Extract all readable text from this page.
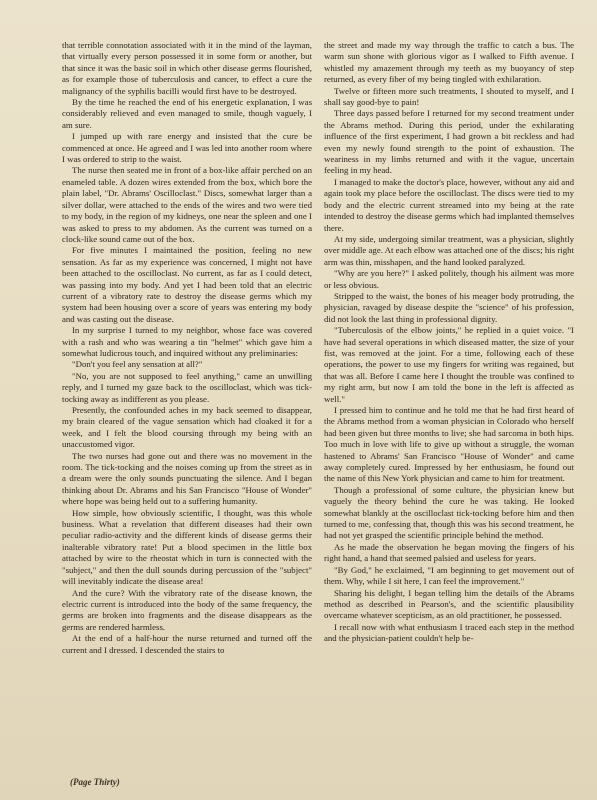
that terrible connotation associated with it in the mind of the layman, that virtually every person possessed it in some form or another, but that since it was the basic soil in which other disease germs flourished, as for example those of tuberculosis and cancer, to effect a cure the malignancy of the syphilis bacilli would first have to be destroyed.

By the time he reached the end of his energetic explanation, I was considerably relieved and even managed to smile, though vaguely, I am sure.

I jumped up with rare energy and insisted that the cure be commenced at once. He agreed and I was led into another room where I was ordered to strip to the waist.

The nurse then seated me in front of a box-like affair perched on an enameled table. A dozen wires extended from the box, which bore the plain label, "Dr. Abrams' Oscilloclast." Discs, somewhat larger than a silver dollar, were attached to the ends of the wires and two were tied to my body, in the region of my kidneys, one near the spleen and one I was asked to press to my abdomen. As the current was turned on a clock-like sound came out of the box.

For five minutes I maintained the position, feeling no new sensation. As far as my experience was concerned, I might not have been attached to the oscilloclast. No current, as far as I could detect, was passing into my body. And yet I had been told that an electric current of a vibratory rate to destroy the disease germs which my system had been housing over a score of years was entering my body and was casting out the disease.

In my surprise I turned to my neighbor, whose face was covered with a rash and who was wearing a tin "helmet" which gave him a somewhat ludicrous touch, and inquired without any preliminaries:

"Don't you feel any sensation at all?"

"No, you are not supposed to feel anything," came an unwilling reply, and I turned my gaze back to the oscilloclast, which was tick-tocking away as indifferent as you please.

Presently, the confounded aches in my back seemed to disappear, my brain cleared of the vague sensation which had cloaked it for a week, and I felt the blood coursing through my being with an unaccustomed vigor.

The two nurses had gone out and there was no movement in the room. The tick-tocking and the noises coming up from the street as in a dream were the only sounds punctuating the silence. And I began thinking about Dr. Abrams and his San Francisco "House of Wonder" where hope was being held out to a suffering humanity.

How simple, how obviously scientific, I thought, was this whole business. What a revelation that different diseases had their own peculiar radio-activity and the different kinds of disease germs their inalterable vibratory rate! Put a blood specimen in the little box attached by wire to the rheostat which in turn is connected with the "subject," and then the dull sounds during percussion of the "subject" will inevitably indicate the disease area!

And the cure? With the vibratory rate of the disease known, the electric current is introduced into the body of the same frequency, the germs are broken into fragments and the disease disappears as the germs are rendered harmless.

At the end of a half-hour the nurse returned and turned off the current and I dressed. I descended the stairs to

the street and made my way through the traffic to catch a bus. The warm sun shone with glorious vigor as I walked to Fifth avenue. I whistled my amazement through my teeth as my buoyancy of step returned, as every fiber of my being tingled with exhilaration.

Twelve or fifteen more such treatments, I shouted to myself, and I shall say good-bye to pain!

Three days passed before I returned for my second treatment under the Abrams method. During this period, under the exhilarating influence of the first experiment, I had grown a bit reckless and had even my newly found strength to the point of exhaustion. The weariness in my limbs returned and with it the vague, uncertain feeling in my head.

I managed to make the doctor's place, however, without any aid and again took my place before the oscilloclast. The discs were tied to my body and the electric current streamed into my being at the rate intended to destroy the disease germs which had implanted themselves there.

At my side, undergoing similar treatment, was a physician, slightly over middle age. At each elbow was attached one of the discs; his right arm was thin, misshapen, and the hand looked paralyzed.

"Why are you here?" I asked politely, though his ailment was more or less obvious.

Stripped to the waist, the bones of his meager body protruding, the physician, ravaged by disease despite the "science" of his profession, did not look the last thing in professional dignity.

"Tuberculosis of the elbow joints," he replied in a quiet voice. "I have had several operations in which diseased matter, the size of your fist, was removed at the joint. For a time, following each of these operations, the power to use my fingers for writing was regained, but that was all. Before I came here I thought the trouble was confined to my right arm, but now I am told the bone in the left is affected as well."

I pressed him to continue and he told me that he had first heard of the Abrams method from a woman physician in Colorado who herself had been given but three months to live; she had sarcoma in both hips. Too much in love with life to give up without a struggle, the woman hastened to Abrams' San Francisco "House of Wonder" and came away completely cured. Impressed by her enthusiasm, he found out the name of this New York physician and came to him for treatment.

Though a professional of some culture, the physician knew but vaguely the theory behind the cure he was taking. He looked somewhat blankly at the oscilloclast tick-tocking before him and then turned to me, confessing that, though this was his second treatment, he had not yet grasped the scientific principle behind the method.

As he made the observation he began moving the fingers of his right hand, a hand that seemed palsied and useless for years.

"By God," he exclaimed, "I am beginning to get movement out of them. Why, while I sit here, I can feel the improvement."

Sharing his delight, I began telling him the details of the Abrams method as described in Pearson's, and the scientific plausibility overcame whatever scepticism, as an old practitioner, he possessed.

I recall now with what enthusiasm I traced each step in the method and the physician-patient couldn't help be-

(Page Thirty)
